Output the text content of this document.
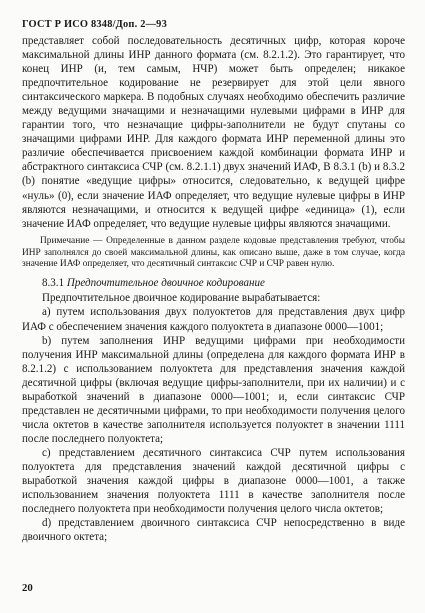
ГОСТ Р ИСО 8348/Доп. 2—93

представляет собой последовательность десятичных цифр, которая короче максимальной длины ИНР данного формата (см. 8.2.1.2). Это гарантирует, что конец ИНР (и, тем самым, НЧР) может быть определен; никакое предпочтительное кодирование не резервирует для этой цели явного синтаксического маркера. В подобных случаях необходимо обеспечить различие между ведущими значащими и незначащими нулевыми цифрами в ИНР для гарантии того, что незначащие цифры-заполнители не будут спутаны со значащими цифрами ИНР. Для каждого формата ИНР переменной длины это различие обеспечивается присвоением каждой комбинации формата ИНР и абстрактного синтаксиса СЧР (см. 8.2.1.1) двух значений ИАФ, В 8.3.1 (b) и 8.3.2 (b) понятие «ведущие цифры» относится, следовательно, к ведущей цифре «нуль» (0), если значение ИАФ определяет, что ведущие нулевые цифры в ИНР являются незначащими, и относится к ведущей цифре «единица» (1), если значение ИАФ определяет, что ведущие нулевые цифры являются значащими.

Примечание — Определенные в данном разделе кодовые представления требуют, чтобы ИНР заполнялся до своей максимальной длины, как описано выше, даже в том случае, когда значение ИАФ определяет, что десятичный синтаксис СЧР и СЧР равен нулю.

8.3.1 Предпочтительное двоичное кодирование

Предпочтительное двоичное кодирование вырабатывается:

а) путем использования двух полуоктетов для представления двух цифр ИАФ с обеспечением значения каждого полуоктета в диапазоне 0000—1001;

b) путем заполнения ИНР ведущими цифрами при необходимости получения ИНР максимальной длины (определена для каждого формата ИНР в 8.2.1.2) с использованием полуоктета для представления значения каждой десятичной цифры (включая ведущие цифры-заполнители, при их наличии) и с выработкой значений в диапазоне 0000—1001; и, если синтаксис СЧР представлен не десятичными цифрами, то при необходимости получения целого числа октетов в качестве заполнителя используется полуоктет в значении 1111 после последнего полуоктета;

с) представлением десятичного синтаксиса СЧР путем использования полуоктета для представления значений каждой десятичной цифры с выработкой значения каждой цифры в диапазоне 0000—1001, а также использованием значения полуоктета 1111 в качестве заполнителя после последнего полуоктета при необходимости получения целого числа октетов;

d) представлением двоичного синтаксиса СЧР непосредственно в виде двоичного октета;

20
